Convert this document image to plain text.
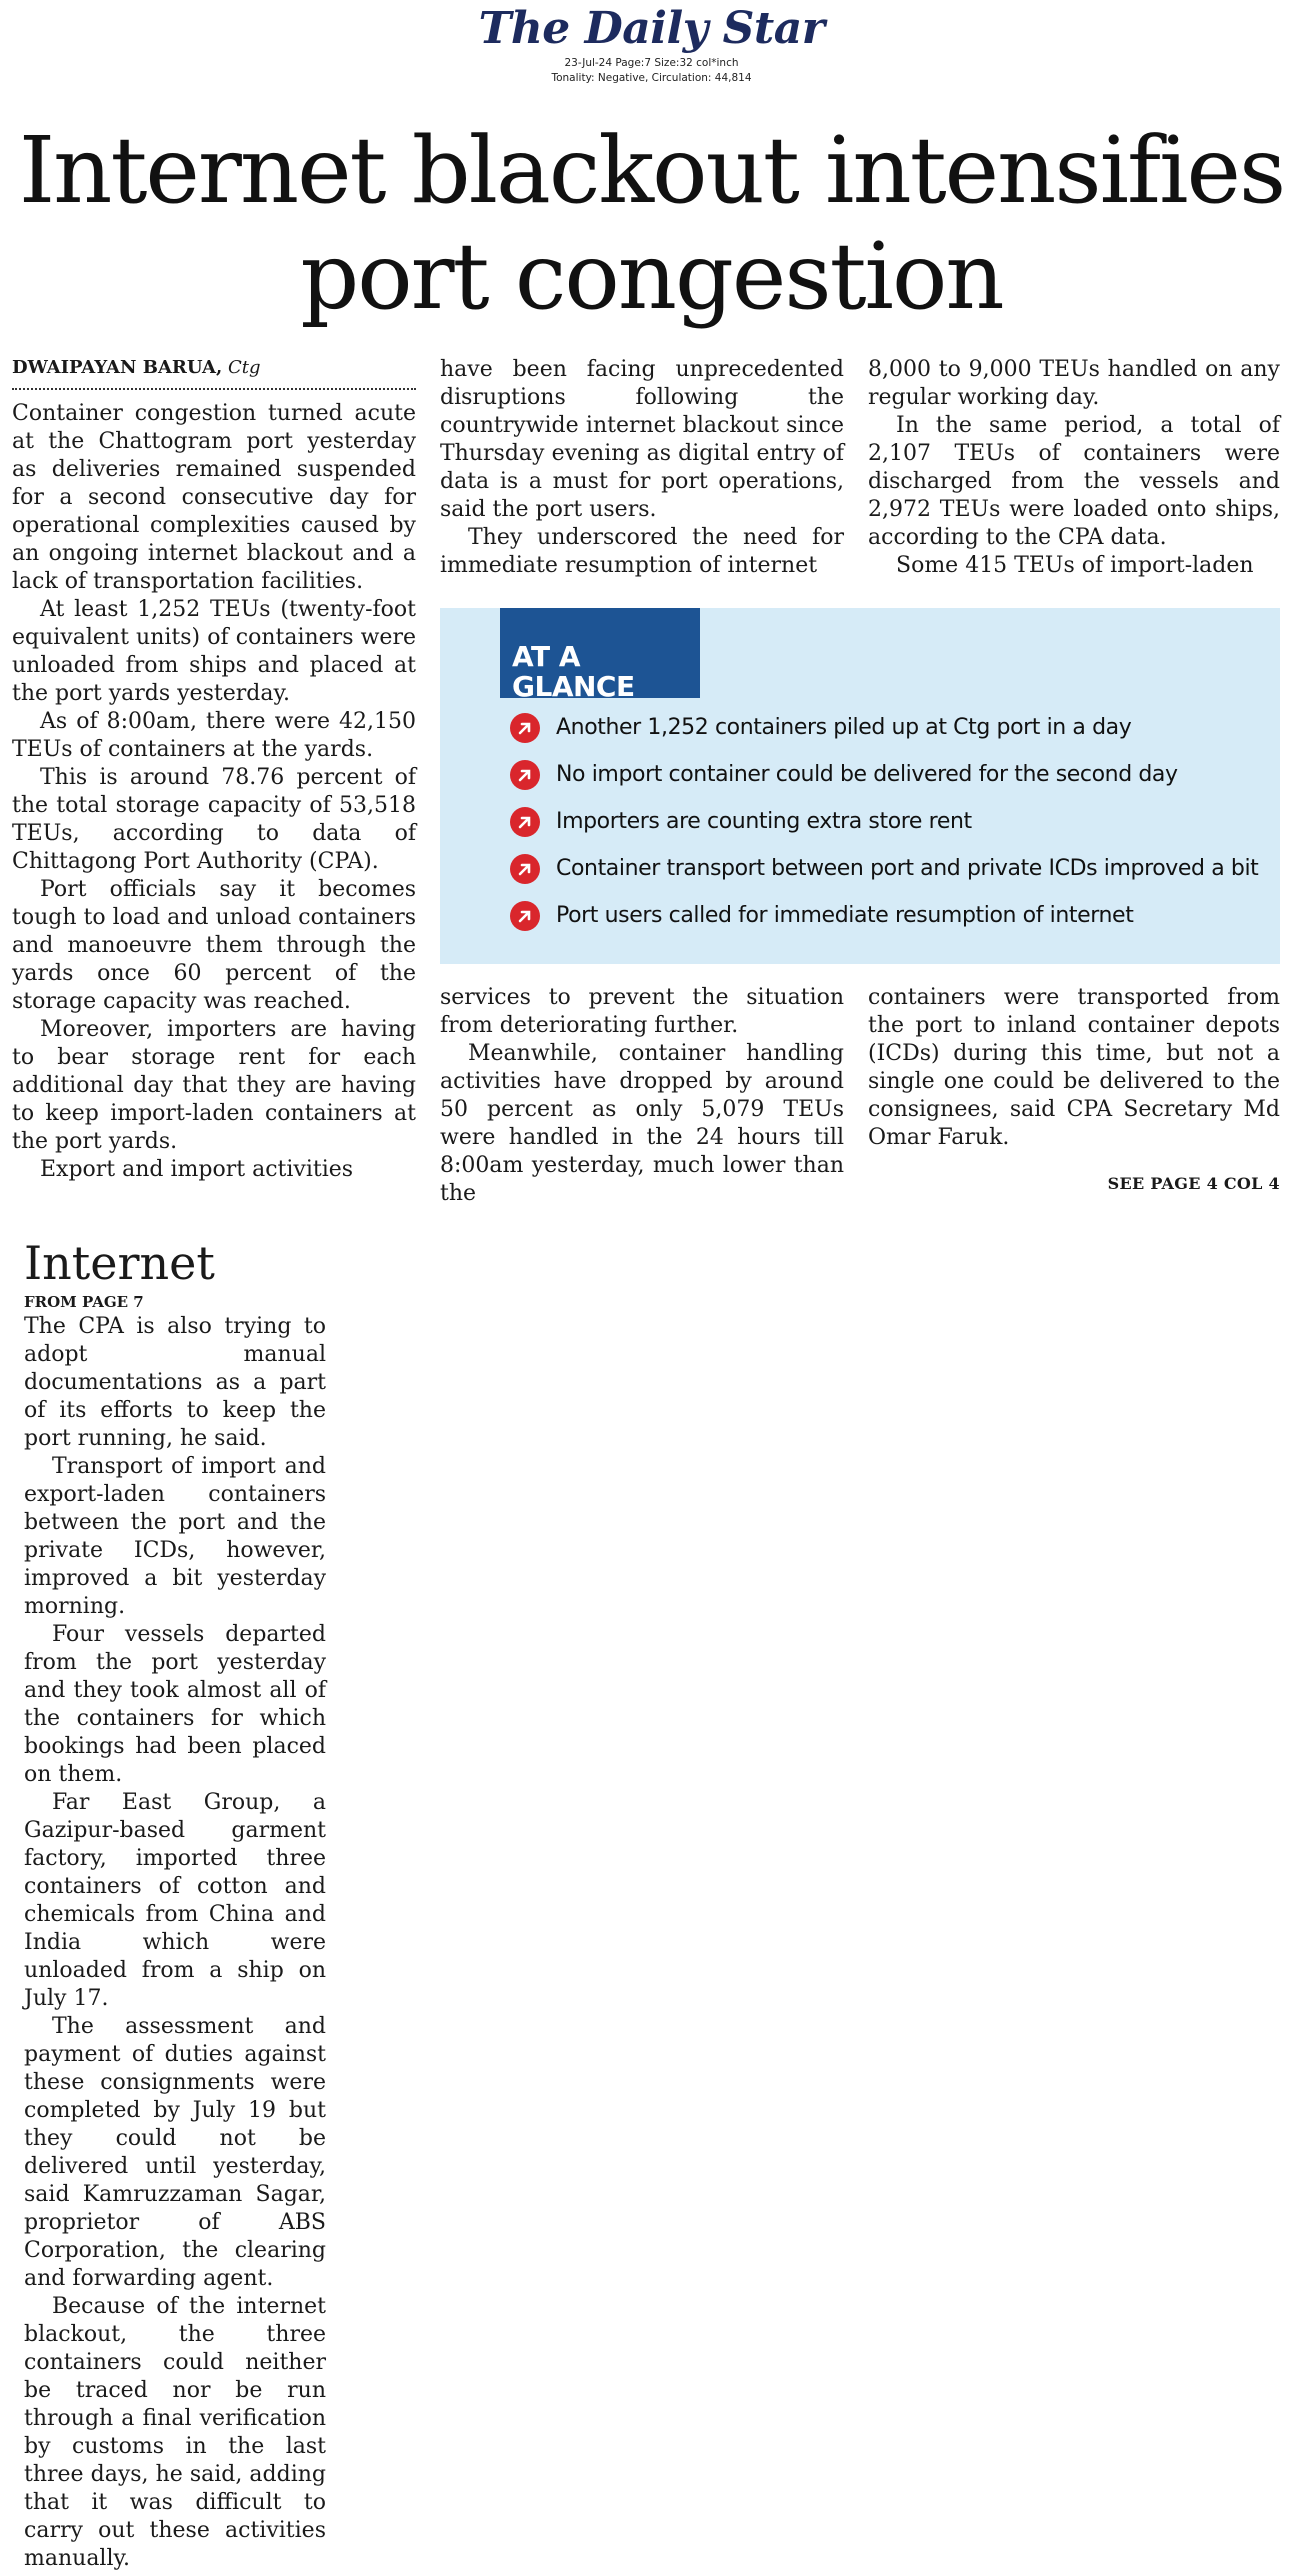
The Daily Star
23-Jul-24 Page:7 Size:32 col*inch
Tonality: Negative, Circulation: 44,814
Internet blackout intensifies
port congestion
DWAIPAYAN BARUA, Ctg

Container congestion turned acute at the Chattogram port yesterday as deliveries remained suspended for a second consecutive day for operational complexities caused by an ongoing internet blackout and a lack of transportation facilities.

At least 1,252 TEUs (twenty-foot equivalent units) of containers were unloaded from ships and placed at the port yards yesterday.

As of 8:00am, there were 42,150 TEUs of containers at the yards.

This is around 78.76 percent of the total storage capacity of 53,518 TEUs, according to data of Chittagong Port Authority (CPA).

Port officials say it becomes tough to load and unload containers and manoeuvre them through the yards once 60 percent of the storage capacity was reached.

Moreover, importers are having to bear storage rent for each additional day that they are having to keep import-laden containers at the port yards.

Export and import activities

have been facing unprecedented disruptions following the countrywide internet blackout since Thursday evening as digital entry of data is a must for port operations, said the port users.

They underscored the need for immediate resumption of internet

8,000 to 9,000 TEUs handled on any regular working day.

In the same period, a total of 2,107 TEUs of containers were discharged from the vessels and 2,972 TEUs were loaded onto ships, according to the CPA data.

Some 415 TEUs of import-laden

AT A GLANCE
Another 1,252 containers piled up at Ctg port in a day
No import container could be delivered for the second day
Importers are counting extra store rent
Container transport between port and private ICDs improved a bit
Port users called for immediate resumption of internet

services to prevent the situation from deteriorating further.

Meanwhile, container handling activities have dropped by around 50 percent as only 5,079 TEUs were handled in the 24 hours till 8:00am yesterday, much lower than the

containers were transported from the port to inland container depots (ICDs) during this time, but not a single one could be delivered to the consignees, said CPA Secretary Md Omar Faruk.

SEE PAGE 4 COL 4
Internet
FROM PAGE 7

The CPA is also trying to adopt manual documentations as a part of its efforts to keep the port running, he said.

Transport of import and export-laden containers between the port and the private ICDs, however, improved a bit yesterday morning.

Four vessels departed from the port yesterday and they took almost all of the containers for which bookings had been placed on them.

Far East Group, a Gazipur-based garment factory, imported three containers of cotton and chemicals from China and India which were unloaded from a ship on July 17.

The assessment and payment of duties against these consignments were completed by July 19 but they could not be delivered until yesterday, said Kamruzzaman Sagar, proprietor of ABS Corporation, the clearing and forwarding agent.

Because of the internet blackout, the three containers could neither be traced nor be run through a final verification by customs in the last three days, he said, adding that it was difficult to carry out these activities manually.
